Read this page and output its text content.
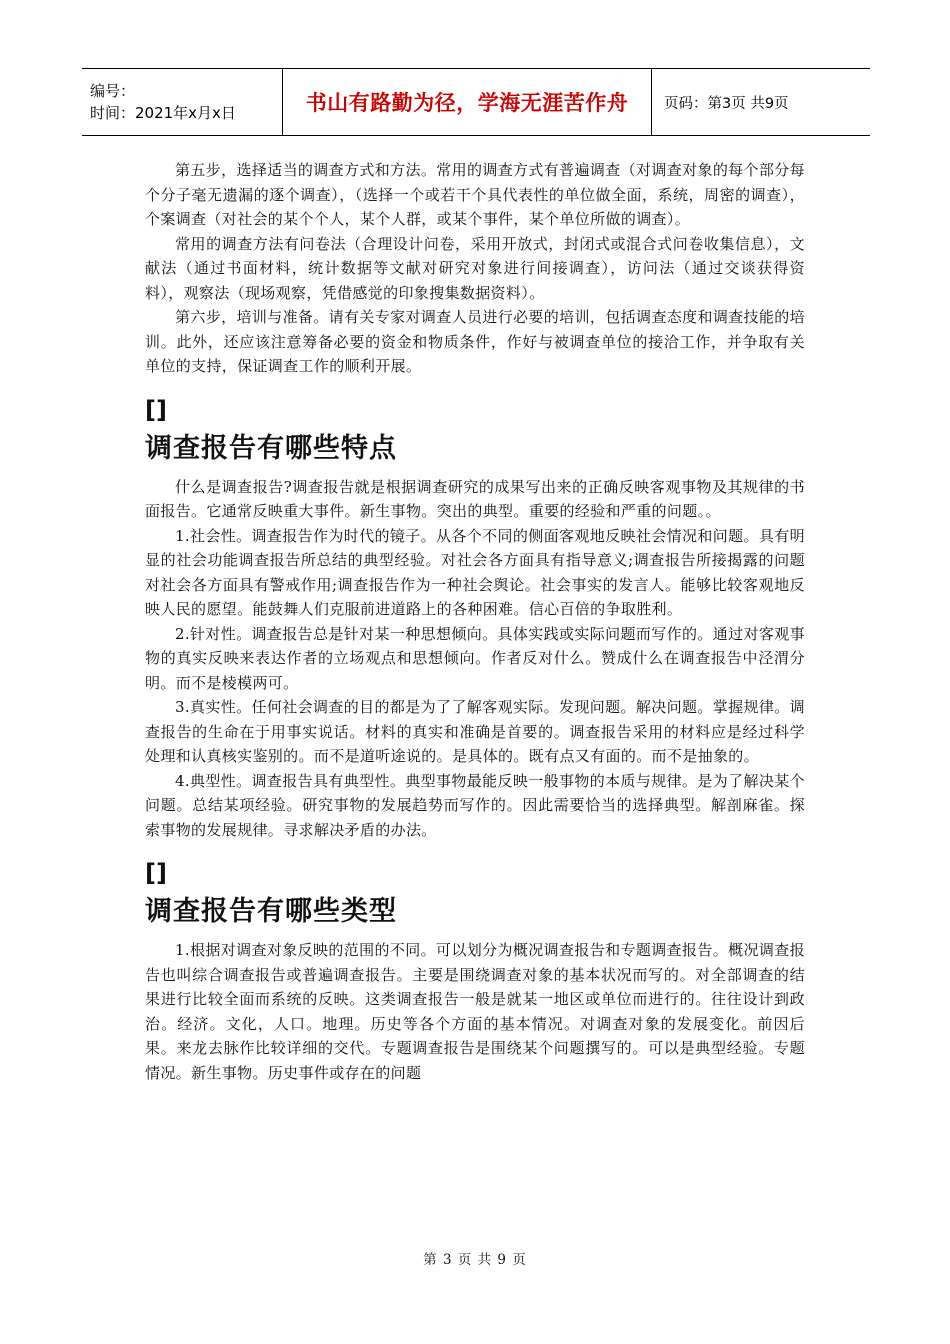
编号：
时间：2021年x月x日	书山有路勤为径，学海无涯苦作舟 页码：第3页 共9页

第五步，选择适当的调查方式和方法。常用的调查方式有普遍调查（对调查对象的每个部分每个分子毫无遗漏的逐个调查），（选择一个或若干个具代表性的单位做全面，系统，周密的调查），个案调查（对社会的某个个人，某个人群，或某个事件，某个单位所做的调查）。

常用的调查方法有问卷法（合理设计问卷，采用开放式，封闭式或混合式问卷收集信息），文献法（通过书面材料，统计数据等文献对研究对象进行间接调查），访问法（通过交谈获得资料），观察法（现场观察，凭借感觉的印象搜集数据资料）。

第六步，培训与准备。请有关专家对调查人员进行必要的培训，包括调查态度和调查技能的培训。此外，还应该注意筹备必要的资金和物质条件，作好与被调查单位的接洽工作，并争取有关单位的支持，保证调查工作的顺利开展。

[]
调查报告有哪些特点

什么是调查报告?调查报告就是根据调查研究的成果写出来的正确反映客观事物及其规律的书面报告。它通常反映重大事件。新生事物。突出的典型。重要的经验和严重的问题。。

1.社会性。调查报告作为时代的镜子。从各个不同的侧面客观地反映社会情况和问题。具有明显的社会功能调查报告所总结的典型经验。对社会各方面具有指导意义;调查报告所接揭露的问题对社会各方面具有警戒作用;调查报告作为一种社会舆论。社会事实的发言人。能够比较客观地反映人民的愿望。能鼓舞人们克服前进道路上的各种困难。信心百倍的争取胜利。

2.针对性。调查报告总是针对某一种思想倾向。具体实践或实际问题而写作的。通过对客观事物的真实反映来表达作者的立场观点和思想倾向。作者反对什么。赞成什么在调查报告中泾渭分明。而不是棱模两可。

3.真实性。任何社会调查的目的都是为了了解客观实际。发现问题。解决问题。掌握规律。调查报告的生命在于用事实说话。材料的真实和准确是首要的。调查报告采用的材料应是经过科学处理和认真核实鉴别的。而不是道听途说的。是具体的。既有点又有面的。而不是抽象的。

4.典型性。调查报告具有典型性。典型事物最能反映一般事物的本质与规律。是为了解决某个问题。总结某项经验。研究事物的发展趋势而写作的。因此需要恰当的选择典型。解剖麻雀。探索事物的发展规律。寻求解决矛盾的办法。

[]
调查报告有哪些类型

1.根据对调查对象反映的范围的不同。可以划分为概况调查报告和专题调查报告。概况调查报告也叫综合调查报告或普遍调查报告。主要是围绕调查对象的基本状况而写的。对全部调查的结果进行比较全面而系统的反映。这类调查报告一般是就某一地区或单位而进行的。往往设计到政治。经济。文化，人口。地理。历史等各个方面的基本情况。对调查对象的发展变化。前因后果。来龙去脉作比较详细的交代。专题调查报告是围绕某个问题撰写的。可以是典型经验。专题情况。新生事物。历史事件或存在的问题

第 3 页 共 9 页
